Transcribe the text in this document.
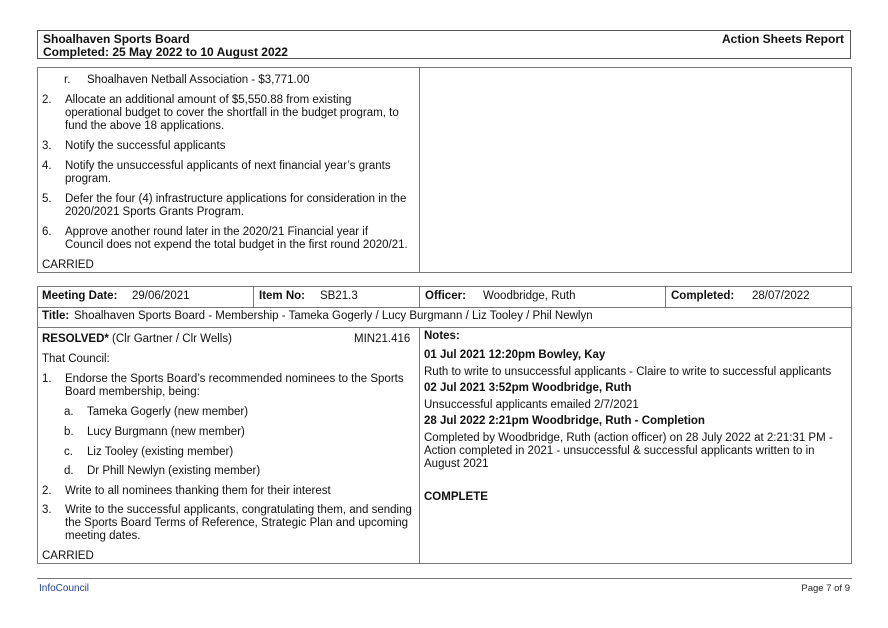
Shoalhaven Sports Board
Completed: 25 May 2022 to 10 August 2022
Action Sheets Report
r. Shoalhaven Netball Association - $3,771.00
2. Allocate an additional amount of $5,550.88 from existing
operational budget to cover the shortfall in the budget program, to
fund the above 18 applications.
3. Notify the successful applicants
4. Notify the unsuccessful applicants of next financial year’s grants
program.
5. Defer the four (4) infrastructure applications for consideration in the
2020/2021 Sports Grants Program.
6. Approve another round later in the 2020/21 Financial year if
Council does not expend the total budget in the first round 2020/21.
CARRIED
Meeting Date: 29/06/2021	Item No: SB21.3	Officer: Woodbridge, Ruth	Completed: 28/07/2022
Title: Shoalhaven Sports Board - Membership - Tameka Gogerly / Lucy Burgmann / Liz Tooley / Phil Newlyn
RESOLVED* (Clr Gartner / Clr Wells)	MIN21.416
That Council:
1. Endorse the Sports Board’s recommended nominees to the Sports
Board membership, being:
a. Tameka Gogerly (new member)
b. Lucy Burgmann (new member)
c. Liz Tooley (existing member)
d. Dr Phill Newlyn (existing member)
2. Write to all nominees thanking them for their interest
3. Write to the successful applicants, congratulating them, and sending
the Sports Board Terms of Reference, Strategic Plan and upcoming
meeting dates.
CARRIED
Notes:
01 Jul 2021 12:20pm Bowley, Kay
Ruth to write to unsuccessful applicants - Claire to write to successful applicants
02 Jul 2021 3:52pm Woodbridge, Ruth
Unsuccessful applicants emailed 2/7/2021
28 Jul 2022 2:21pm Woodbridge, Ruth - Completion
Completed by Woodbridge, Ruth (action officer) on 28 July 2022 at 2:21:31 PM -
Action completed in 2021 - unsuccessful & successful applicants written to in
August 2021
COMPLETE
InfoCouncil	Page 7 of 9
